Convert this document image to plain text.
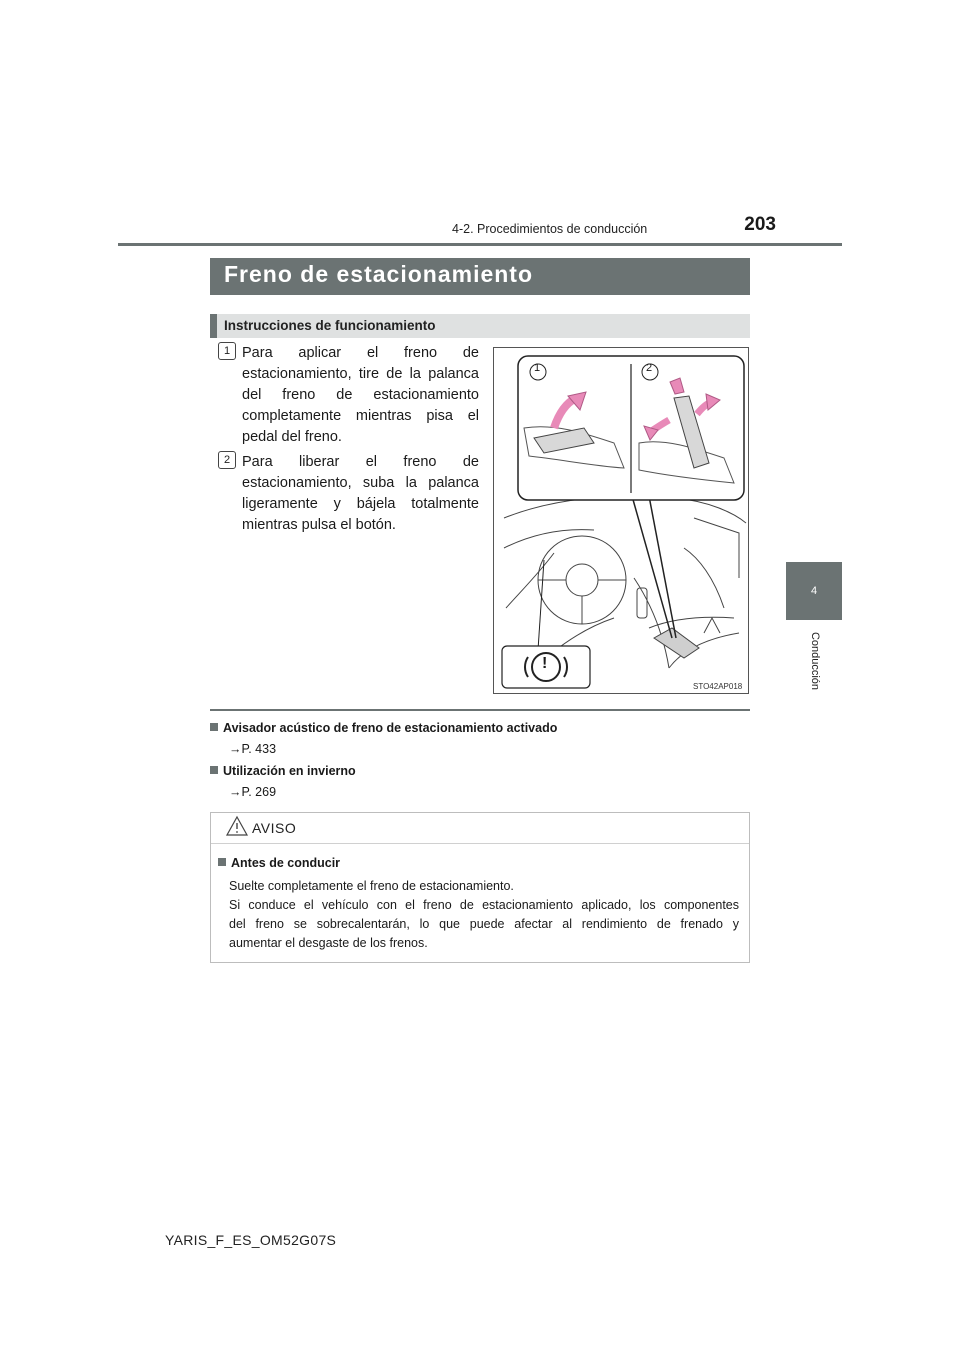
203
4-2. Procedimientos de conducción
4
Conducción
Freno de estacionamiento
Instrucciones de funcionamiento
1 Para aplicar el freno de
estacionamiento, tire de la palanca
del freno de estacionamiento
completamente mientras pisa el
pedal del freno.
2 Para liberar el freno de
estacionamiento, suba la palanca
ligeramente y bájela totalmente
mientras pulsa el botón.
1	2
!
STO42AP018
Avisador acústico de freno de estacionamiento activado
→P. 433
Utilización en invierno
→P. 269
AVISO
Antes de conducir
Suelte completamente el freno de estacionamiento.
Si conduce el vehículo con el freno de estacionamiento aplicado, los componentes
del freno se sobrecalentarán, lo que puede afectar al rendimiento de frenado y
aumentar el desgaste de los frenos.
YARIS_F_ES_OM52G07S
